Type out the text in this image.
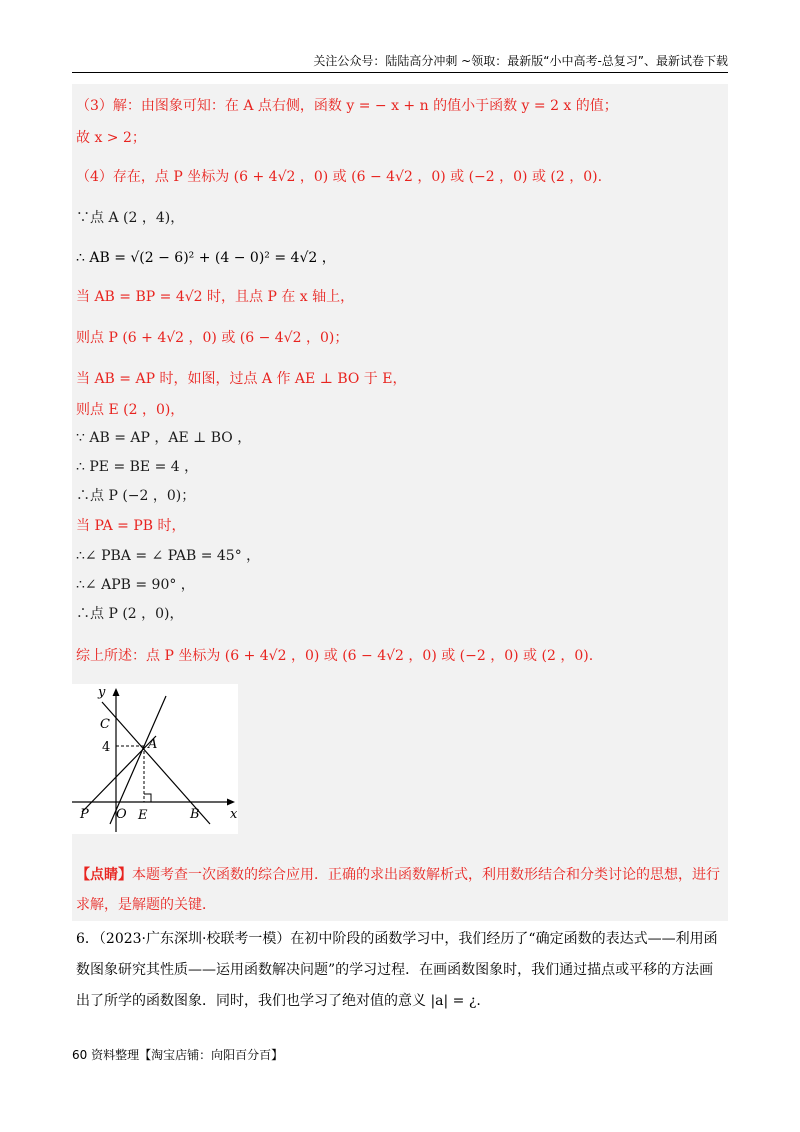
关注公众号：陆陆高分冲刺 ~领取：最新版“小中高考-总复习”、最新试卷下载
（3）解：由图象可知：在 A 点右侧，函数 y = − x + n 的值小于函数 y = 2 x 的值；
故 x > 2；
（4）存在，点 P 坐标为 (6 + 4√2 ，0) 或 (6 − 4√2 ，0) 或 (−2 ，0) 或 (2 ，0).
∵点 A (2 ，4)，
∴ AB = √(2 − 6)² + (4 − 0)² = 4√2 ，
当 AB = BP = 4√2 时，且点 P 在 x 轴上，
则点 P (6 + 4√2 ，0) 或 (6 − 4√2 ，0)；
当 AB = AP 时，如图，过点 A 作 AE ⊥ BO 于 E，
则点 E (2 ，0)，
∵ AB = AP ，AE ⊥ BO ，
∴ PE = BE = 4 ，
∴点 P (−2 ，0)；
当 PA = PB 时，
∴∠ PBA = ∠ PAB = 45° ，
∴∠ APB = 90° ，
∴点 P (2 ，0)，
综上所述：点 P 坐标为 (6 + 4√2 ，0) 或 (6 − 4√2 ，0) 或 (−2 ，0) 或 (2 ，0).
y
x
C
4	A
P O E	B
【点睛】本题考查一次函数的综合应用．正确的求出函数解析式，利用数形结合和分类讨论的思想，进行求解，是解题的关键．
6．（2023·广东深圳·校联考一模）在初中阶段的函数学习中，我们经历了“确定函数的表达式——利用函数图象研究其性质——运用函数解决问题”的学习过程．在画函数图象时，我们通过描点或平移的方法画出了所学的函数图象．同时，我们也学习了绝对值的意义 |a| = ¿.
60 资料整理【淘宝店铺：向阳百分百】
